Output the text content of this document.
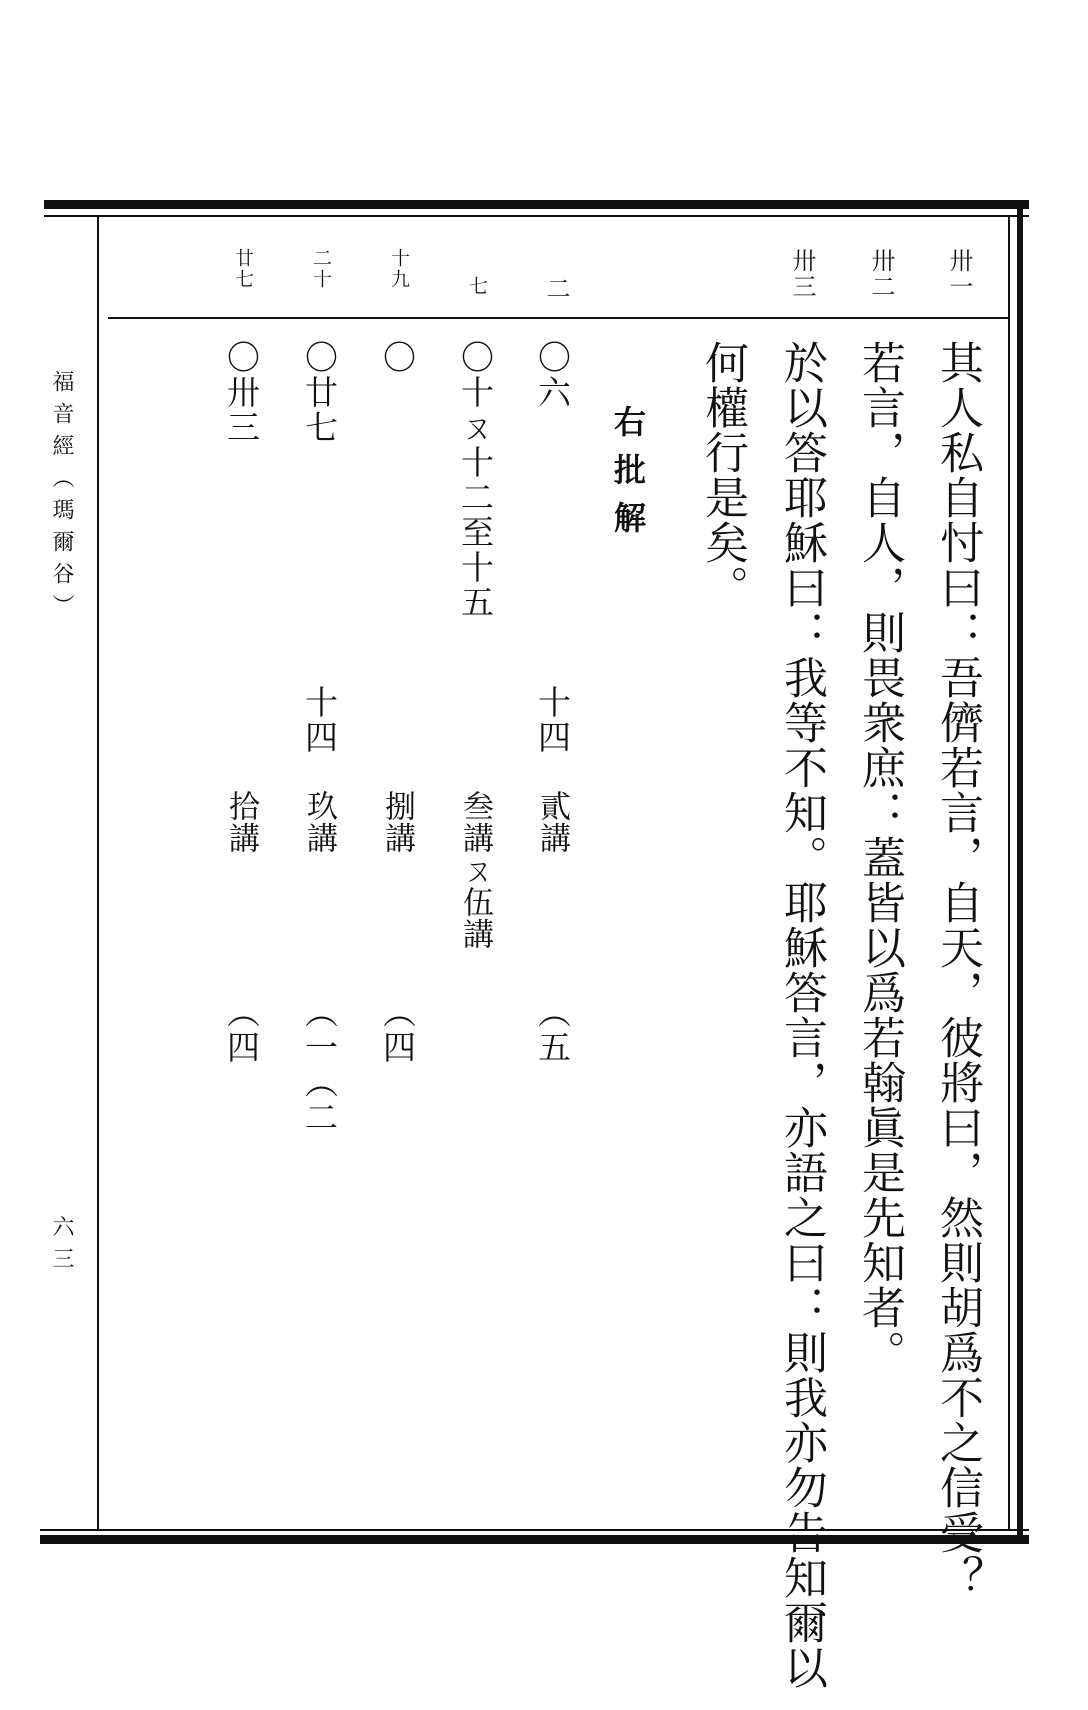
福音經（瑪爾谷）
六三
卅一
卅二
卅三
二
七
十九
二十
廿七
其人私自忖曰：吾儕若言，自天，彼將曰，然則胡爲不之信受？
若言，自人，則畏衆庶：蓋皆以爲若翰眞是先知者。
於以答耶穌曰：我等不知。耶穌答言，亦語之曰：則我亦勿告知爾以
何權行是矣。
右批解
〇六
十四
貳講
（五
〇十ㄡ十二至十五
叁講ㄡ伍講
〇
捌講
（四
〇廿七
十四
玖講
（一（二
〇卅三
拾講
（四
